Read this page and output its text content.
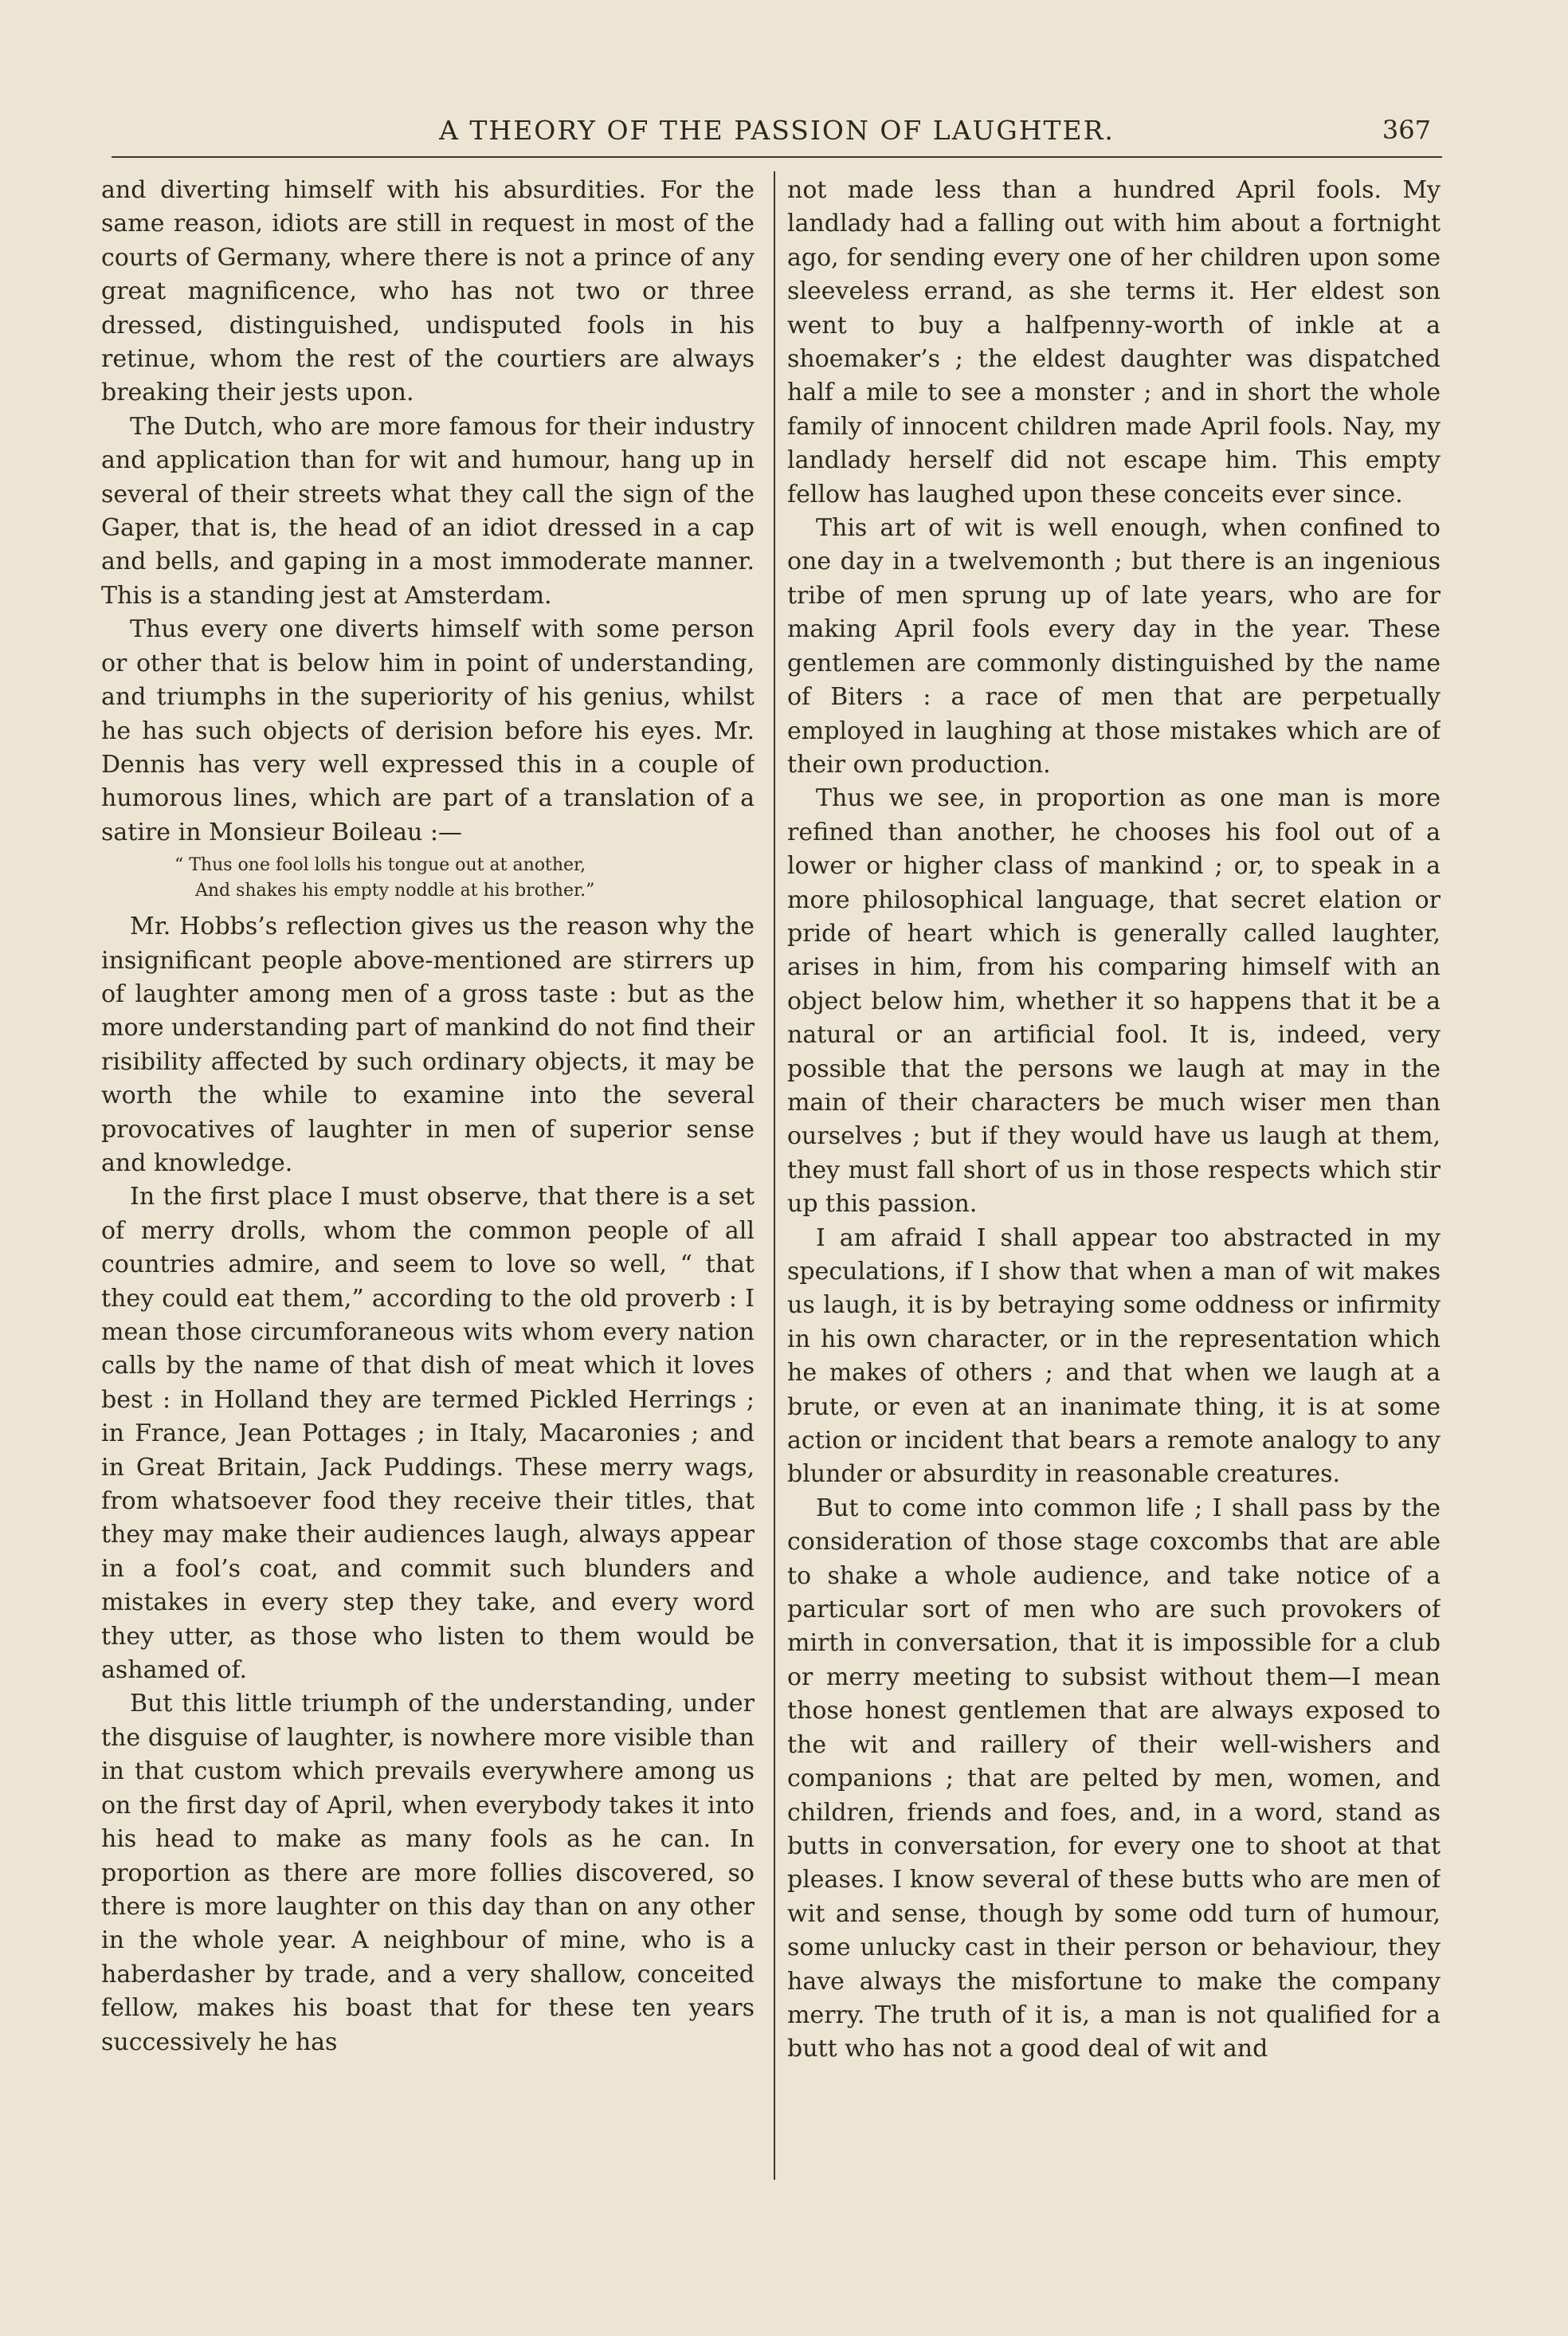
A THEORY OF THE PASSION OF LAUGHTER.	367

and diverting himself with his absurdities. For the same reason, idiots are still in request in most of the courts of Germany, where there is not a prince of any great magnificence, who has not two or three dressed, distinguished, undisputed fools in his retinue, whom the rest of the courtiers are always breaking their jests upon.

The Dutch, who are more famous for their industry and application than for wit and humour, hang up in several of their streets what they call the sign of the Gaper, that is, the head of an idiot dressed in a cap and bells, and gaping in a most immoderate manner. This is a standing jest at Amsterdam.

Thus every one diverts himself with some person or other that is below him in point of understanding, and triumphs in the superiority of his genius, whilst he has such objects of derision before his eyes. Mr. Dennis has very well expressed this in a couple of humorous lines, which are part of a translation of a satire in Monsieur Boileau :—

“ Thus one fool lolls his tongue out at another,
And shakes his empty noddle at his brother.”

Mr. Hobbs’s reflection gives us the reason why the insignificant people above-mentioned are stirrers up of laughter among men of a gross taste : but as the more understanding part of mankind do not find their risibility affected by such ordinary objects, it may be worth the while to examine into the several provocatives of laughter in men of superior sense and knowledge.

In the first place I must observe, that there is a set of merry drolls, whom the common people of all countries admire, and seem to love so well, “ that they could eat them,” according to the old proverb : I mean those circumforaneous wits whom every nation calls by the name of that dish of meat which it loves best : in Holland they are termed Pickled Herrings ; in France, Jean Pottages ; in Italy, Macaronies ; and in Great Britain, Jack Puddings. These merry wags, from whatsoever food they receive their titles, that they may make their audiences laugh, always appear in a fool’s coat, and commit such blunders and mistakes in every step they take, and every word they utter, as those who listen to them would be ashamed of.

But this little triumph of the understanding, under the disguise of laughter, is nowhere more visible than in that custom which prevails everywhere among us on the first day of April, when everybody takes it into his head to make as many fools as he can. In proportion as there are more follies discovered, so there is more laughter on this day than on any other in the whole year. A neighbour of mine, who is a haberdasher by trade, and a very shallow, conceited fellow, makes his boast that for these ten years successively he has

not made less than a hundred April fools. My landlady had a falling out with him about a fortnight ago, for sending every one of her children upon some sleeveless errand, as she terms it. Her eldest son went to buy a halfpenny-worth of inkle at a shoemaker’s ; the eldest daughter was dispatched half a mile to see a monster ; and in short the whole family of innocent children made April fools. Nay, my landlady herself did not escape him. This empty fellow has laughed upon these conceits ever since.

This art of wit is well enough, when confined to one day in a twelvemonth ; but there is an ingenious tribe of men sprung up of late years, who are for making April fools every day in the year. These gentlemen are commonly distinguished by the name of Biters : a race of men that are perpetually employed in laughing at those mistakes which are of their own production.

Thus we see, in proportion as one man is more refined than another, he chooses his fool out of a lower or higher class of mankind ; or, to speak in a more philosophical language, that secret elation or pride of heart which is generally called laughter, arises in him, from his comparing himself with an object below him, whether it so happens that it be a natural or an artificial fool. It is, indeed, very possible that the persons we laugh at may in the main of their characters be much wiser men than ourselves ; but if they would have us laugh at them, they must fall short of us in those respects which stir up this passion.

I am afraid I shall appear too abstracted in my speculations, if I show that when a man of wit makes us laugh, it is by betraying some oddness or infirmity in his own character, or in the representation which he makes of others ; and that when we laugh at a brute, or even at an inanimate thing, it is at some action or incident that bears a remote analogy to any blunder or absurdity in reasonable creatures.

But to come into common life ; I shall pass by the consideration of those stage coxcombs that are able to shake a whole audience, and take notice of a particular sort of men who are such provokers of mirth in conversation, that it is impossible for a club or merry meeting to subsist without them—I mean those honest gentlemen that are always exposed to the wit and raillery of their well-wishers and companions ; that are pelted by men, women, and children, friends and foes, and, in a word, stand as butts in conversation, for every one to shoot at that pleases. I know several of these butts who are men of wit and sense, though by some odd turn of humour, some unlucky cast in their person or behaviour, they have always the misfortune to make the company merry. The truth of it is, a man is not qualified for a butt who has not a good deal of wit and
